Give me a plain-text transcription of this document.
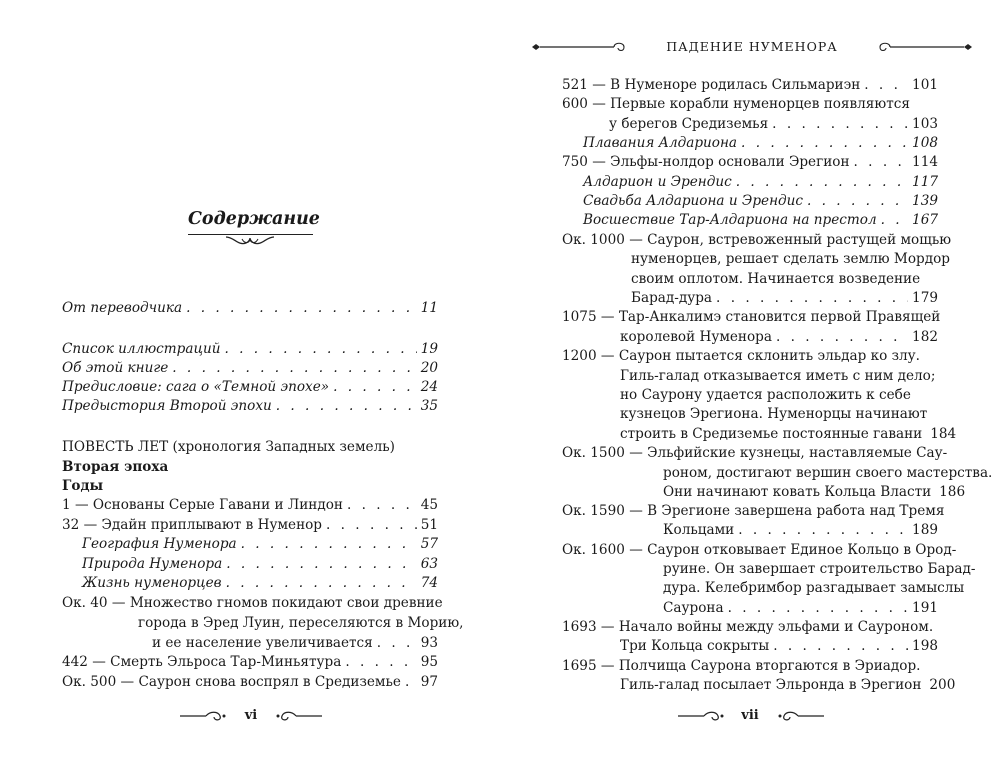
Содержание
От переводчика . . .	11
Список иллюстраций . . .	19
Об этой книге . . .	20
Предисловие: сага о «Темной эпохе» . . .	24
Предыстория Второй эпохи . . .	35
ПОВЕСТЬ ЛЕТ (хронология Западных земель)
Вторая эпоха
Годы
1 — Основаны Серые Гавани и Линдон . . .	45
32 — Эдайн приплывают в Нуменор . . .	51
География Нуменора . . .	57
Природа Нуменора . . .	63
Жизнь нуменорцев . . .	74
Ок. 40 — Множество гномов покидают свои древние
города в Эред Луин, переселяются в Морию,
и ее население увеличивается . . .	93
442 — Смерть Эльроса Тар-Миньятура . . .	95
Ок. 500 — Саурон снова воспрял в Средиземье . . . 97
vi
ПАДЕНИЕ НУМЕНОРА
521 — В Нуменоре родилась Сильмариэн . . .	101
600 — Первые корабли нуменорцев появляются
у берегов Средиземья . . .	103
Плавания Алдариона . . .	108
750 — Эльфы-нолдор основали Эрегион . . .	114
Алдарион и Эрендис . . .	117
Свадьба Алдариона и Эрендис . . .	139
Восшествие Тар-Алдариона на престол . . .	167
Ок. 1000 — Саурон, встревоженный растущей мощью
нуменорцев, решает сделать землю Мордор
своим оплотом. Начинается возведение
Барад-дура . . .	179
1075 — Тар-Анкалимэ становится первой Правящей
королевой Нуменора . . .	182
1200 — Саурон пытается склонить эльдар ко злу.
Гиль-галад отказывается иметь с ним дело;
но Саурону удается расположить к себе
кузнецов Эрегиона. Нуменорцы начинают
строить в Средиземье постоянные гавани 184
Ок. 1500 — Эльфийские кузнецы, наставляемые Сау-
роном, достигают вершин своего мастерства.
Они начинают ковать Кольца Власти 186
Ок. 1590 — В Эрегионе завершена работа над Тремя
Кольцами . . .	189
Ок. 1600 — Саурон отковывает Единое Кольцо в Ород-
руине. Он завершает строительство Барад-
дура. Келебримбор разгадывает замыслы
Саурона . . .	191
1693 — Начало войны между эльфами и Сауроном.
Три Кольца сокрыты . . .	198
1695 — Полчища Саурона вторгаются в Эриадор.
Гиль-галад посылает Эльронда в Эрегион 200
vii
